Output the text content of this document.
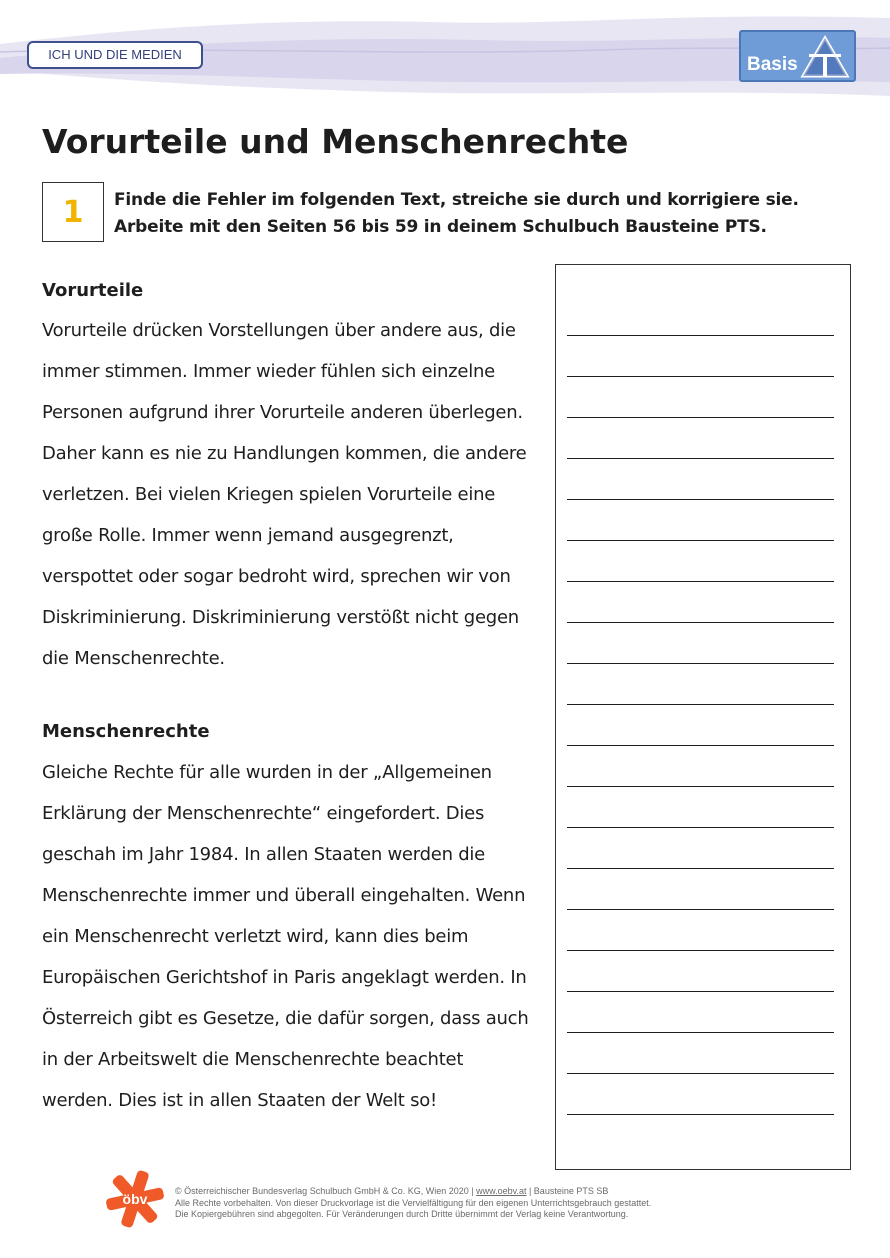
ICH UND DIE MEDIEN	Basis
Vorurteile und Menschenrechte
1 Finde die Fehler im folgenden Text, streiche sie durch und korrigiere sie.
Arbeite mit den Seiten 56 bis 59 in deinem Schulbuch Bausteine PTS.
Vorurteile
Vorurteile drücken Vorstellungen über andere aus, die
immer stimmen. Immer wieder fühlen sich einzelne
Personen aufgrund ihrer Vorurteile anderen überlegen.
Daher kann es nie zu Handlungen kommen, die andere
verletzen. Bei vielen Kriegen spielen Vorurteile eine
große Rolle. Immer wenn jemand ausgegrenzt,
verspottet oder sogar bedroht wird, sprechen wir von
Diskriminierung. Diskriminierung verstößt nicht gegen
die Menschenrechte.
Menschenrechte
Gleiche Rechte für alle wurden in der „Allgemeinen
Erklärung der Menschenrechte“ eingefordert. Dies
geschah im Jahr 1984. In allen Staaten werden die
Menschenrechte immer und überall eingehalten. Wenn
ein Menschenrecht verletzt wird, kann dies beim
Europäischen Gerichtshof in Paris angeklagt werden. In
Österreich gibt es Gesetze, die dafür sorgen, dass auch
in der Arbeitswelt die Menschenrechte beachtet
werden. Dies ist in allen Staaten der Welt so!
öbv	© Österreichischer Bundesverlag Schulbuch GmbH & Co. KG, Wien 2020 | www.oebv.at | Bausteine PTS SB
Alle Rechte vorbehalten. Von dieser Druckvorlage ist die Vervielfältigung für den eigenen Unterrichtsgebrauch gestattet.
Die Kopiergebühren sind abgegolten. Für Veränderungen durch Dritte übernimmt der Verlag keine Verantwortung.
